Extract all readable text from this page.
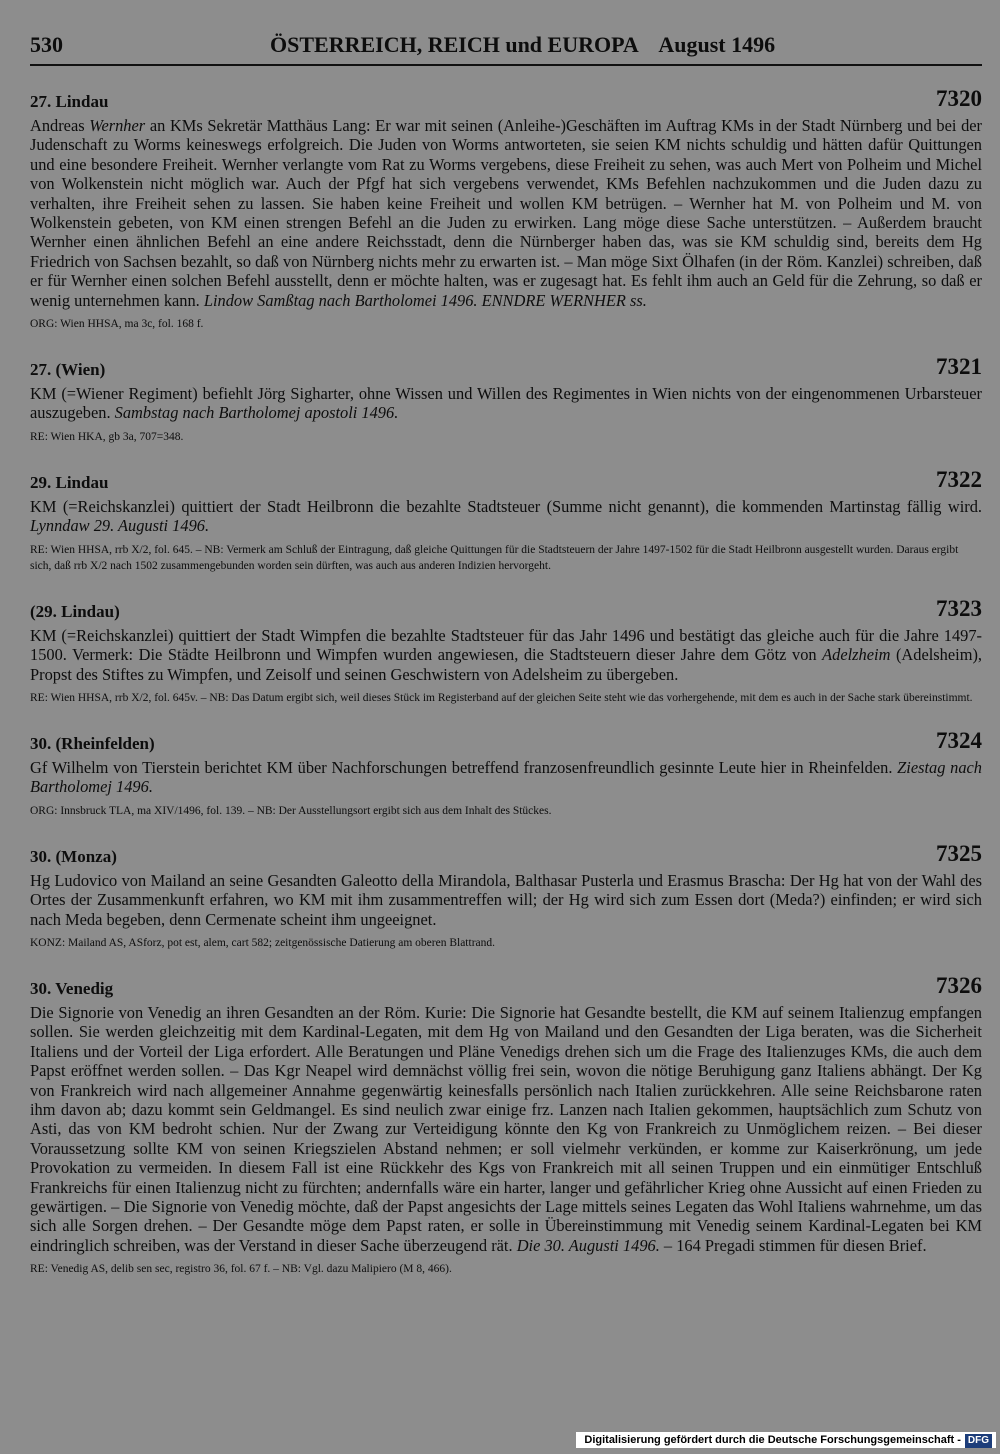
530	ÖSTERREICH, REICH und EUROPA    August 1496
27. Lindau	7320
Andreas Wernher an KMs Sekretär Matthäus Lang: Er war mit seinen (Anleihe-)Geschäften im Auftrag KMs in der Stadt Nürnberg und bei der Judenschaft zu Worms keineswegs erfolgreich. Die Juden von Worms antworteten, sie seien KM nichts schuldig und hätten dafür Quittungen und eine besondere Freiheit. Wernher verlangte vom Rat zu Worms vergebens, diese Freiheit zu sehen, was auch Mert von Polheim und Michel von Wolkenstein nicht möglich war. Auch der Pfgf hat sich vergebens verwendet, KMs Befehlen nachzukommen und die Juden dazu zu verhalten, ihre Freiheit sehen zu lassen. Sie haben keine Freiheit und wollen KM betrügen. – Wernher hat M. von Polheim und M. von Wolkenstein gebeten, von KM einen strengen Befehl an die Juden zu erwirken. Lang möge diese Sache unterstützen. – Außerdem braucht Wernher einen ähnlichen Befehl an eine andere Reichsstadt, denn die Nürnberger haben das, was sie KM schuldig sind, bereits dem Hg Friedrich von Sachsen bezahlt, so daß von Nürnberg nichts mehr zu erwarten ist. – Man möge Sixt Ölhafen (in der Röm. Kanzlei) schreiben, daß er für Wernher einen solchen Befehl ausstellt, denn er möchte halten, was er zugesagt hat. Es fehlt ihm auch an Geld für die Zehrung, so daß er wenig unternehmen kann. Lindow Samßtag nach Bartholomei 1496. ENNDRE WERNHER ss.
ORG: Wien HHSA, ma 3c, fol. 168 f.
27. (Wien)	7321
KM (=Wiener Regiment) befiehlt Jörg Sigharter, ohne Wissen und Willen des Regimentes in Wien nichts von der eingenommenen Urbarsteuer auszugeben. Sambstag nach Bartholomej apostoli 1496.
RE: Wien HKA, gb 3a, 707=348.
29. Lindau	7322
KM (=Reichskanzlei) quittiert der Stadt Heilbronn die bezahlte Stadtsteuer (Summe nicht genannt), die kommenden Martinstag fällig wird. Lynndaw 29. Augusti 1496.
RE: Wien HHSA, rrb X/2, fol. 645. – NB: Vermerk am Schluß der Eintragung, daß gleiche Quittungen für die Stadtsteuern der Jahre 1497-1502 für die Stadt Heilbronn ausgestellt wurden. Daraus ergibt sich, daß rrb X/2 nach 1502 zusammengebunden worden sein dürften, was auch aus anderen Indizien hervorgeht.
(29. Lindau)	7323
KM (=Reichskanzlei) quittiert der Stadt Wimpfen die bezahlte Stadtsteuer für das Jahr 1496 und bestätigt das gleiche auch für die Jahre 1497-1500. Vermerk: Die Städte Heilbronn und Wimpfen wurden angewiesen, die Stadtsteuern dieser Jahre dem Götz von Adelzheim (Adelsheim), Propst des Stiftes zu Wimpfen, und Zeisolf und seinen Geschwistern von Adelsheim zu übergeben.
RE: Wien HHSA, rrb X/2, fol. 645v. – NB: Das Datum ergibt sich, weil dieses Stück im Registerband auf der gleichen Seite steht wie das vorhergehende, mit dem es auch in der Sache stark übereinstimmt.
30. (Rheinfelden)	7324
Gf Wilhelm von Tierstein berichtet KM über Nachforschungen betreffend franzosenfreundlich gesinnte Leute hier in Rheinfelden. Ziestag nach Bartholomej 1496.
ORG: Innsbruck TLA, ma XIV/1496, fol. 139. – NB: Der Ausstellungsort ergibt sich aus dem Inhalt des Stückes.
30. (Monza)	7325
Hg Ludovico von Mailand an seine Gesandten Galeotto della Mirandola, Balthasar Pusterla und Erasmus Brascha: Der Hg hat von der Wahl des Ortes der Zusammenkunft erfahren, wo KM mit ihm zusammentreffen will; der Hg wird sich zum Essen dort (Meda?) einfinden; er wird sich nach Meda begeben, denn Cermenate scheint ihm ungeeignet.
KONZ: Mailand AS, ASforz, pot est, alem, cart 582; zeitgenössische Datierung am oberen Blattrand.
30. Venedig	7326
Die Signorie von Venedig an ihren Gesandten an der Röm. Kurie: Die Signorie hat Gesandte bestellt, die KM auf seinem Italienzug empfangen sollen. Sie werden gleichzeitig mit dem Kardinal-Legaten, mit dem Hg von Mailand und den Gesandten der Liga beraten, was die Sicherheit Italiens und der Vorteil der Liga erfordert. Alle Beratungen und Pläne Venedigs drehen sich um die Frage des Italienzuges KMs, die auch dem Papst eröffnet werden sollen. – Das Kgr Neapel wird demnächst völlig frei sein, wovon die nötige Beruhigung ganz Italiens abhängt. Der Kg von Frankreich wird nach allgemeiner Annahme gegenwärtig keinesfalls persönlich nach Italien zurückkehren. Alle seine Reichsbarone raten ihm davon ab; dazu kommt sein Geldmangel. Es sind neulich zwar einige frz. Lanzen nach Italien gekommen, hauptsächlich zum Schutz von Asti, das von KM bedroht schien. Nur der Zwang zur Verteidigung könnte den Kg von Frankreich zu Unmöglichem reizen. – Bei dieser Voraussetzung sollte KM von seinen Kriegszielen Abstand nehmen; er soll vielmehr verkünden, er komme zur Kaiserkrönung, um jede Provokation zu vermeiden. In diesem Fall ist eine Rückkehr des Kgs von Frankreich mit all seinen Truppen und ein einmütiger Entschluß Frankreichs für einen Italienzug nicht zu fürchten; andernfalls wäre ein harter, langer und gefährlicher Krieg ohne Aussicht auf einen Frieden zu gewärtigen. – Die Signorie von Venedig möchte, daß der Papst angesichts der Lage mittels seines Legaten das Wohl Italiens wahrnehme, um das sich alle Sorgen drehen. – Der Gesandte möge dem Papst raten, er solle in Übereinstimmung mit Venedig seinem Kardinal-Legaten bei KM eindringlich schreiben, was der Verstand in dieser Sache überzeugend rät. Die 30. Augusti 1496. – 164 Pregadi stimmen für diesen Brief.
RE: Venedig AS, delib sen sec, registro 36, fol. 67 f. – NB: Vgl. dazu Malipiero (M 8, 466).
Digitalisierung gefördert durch die Deutsche Forschungsgemeinschaft - DFG
